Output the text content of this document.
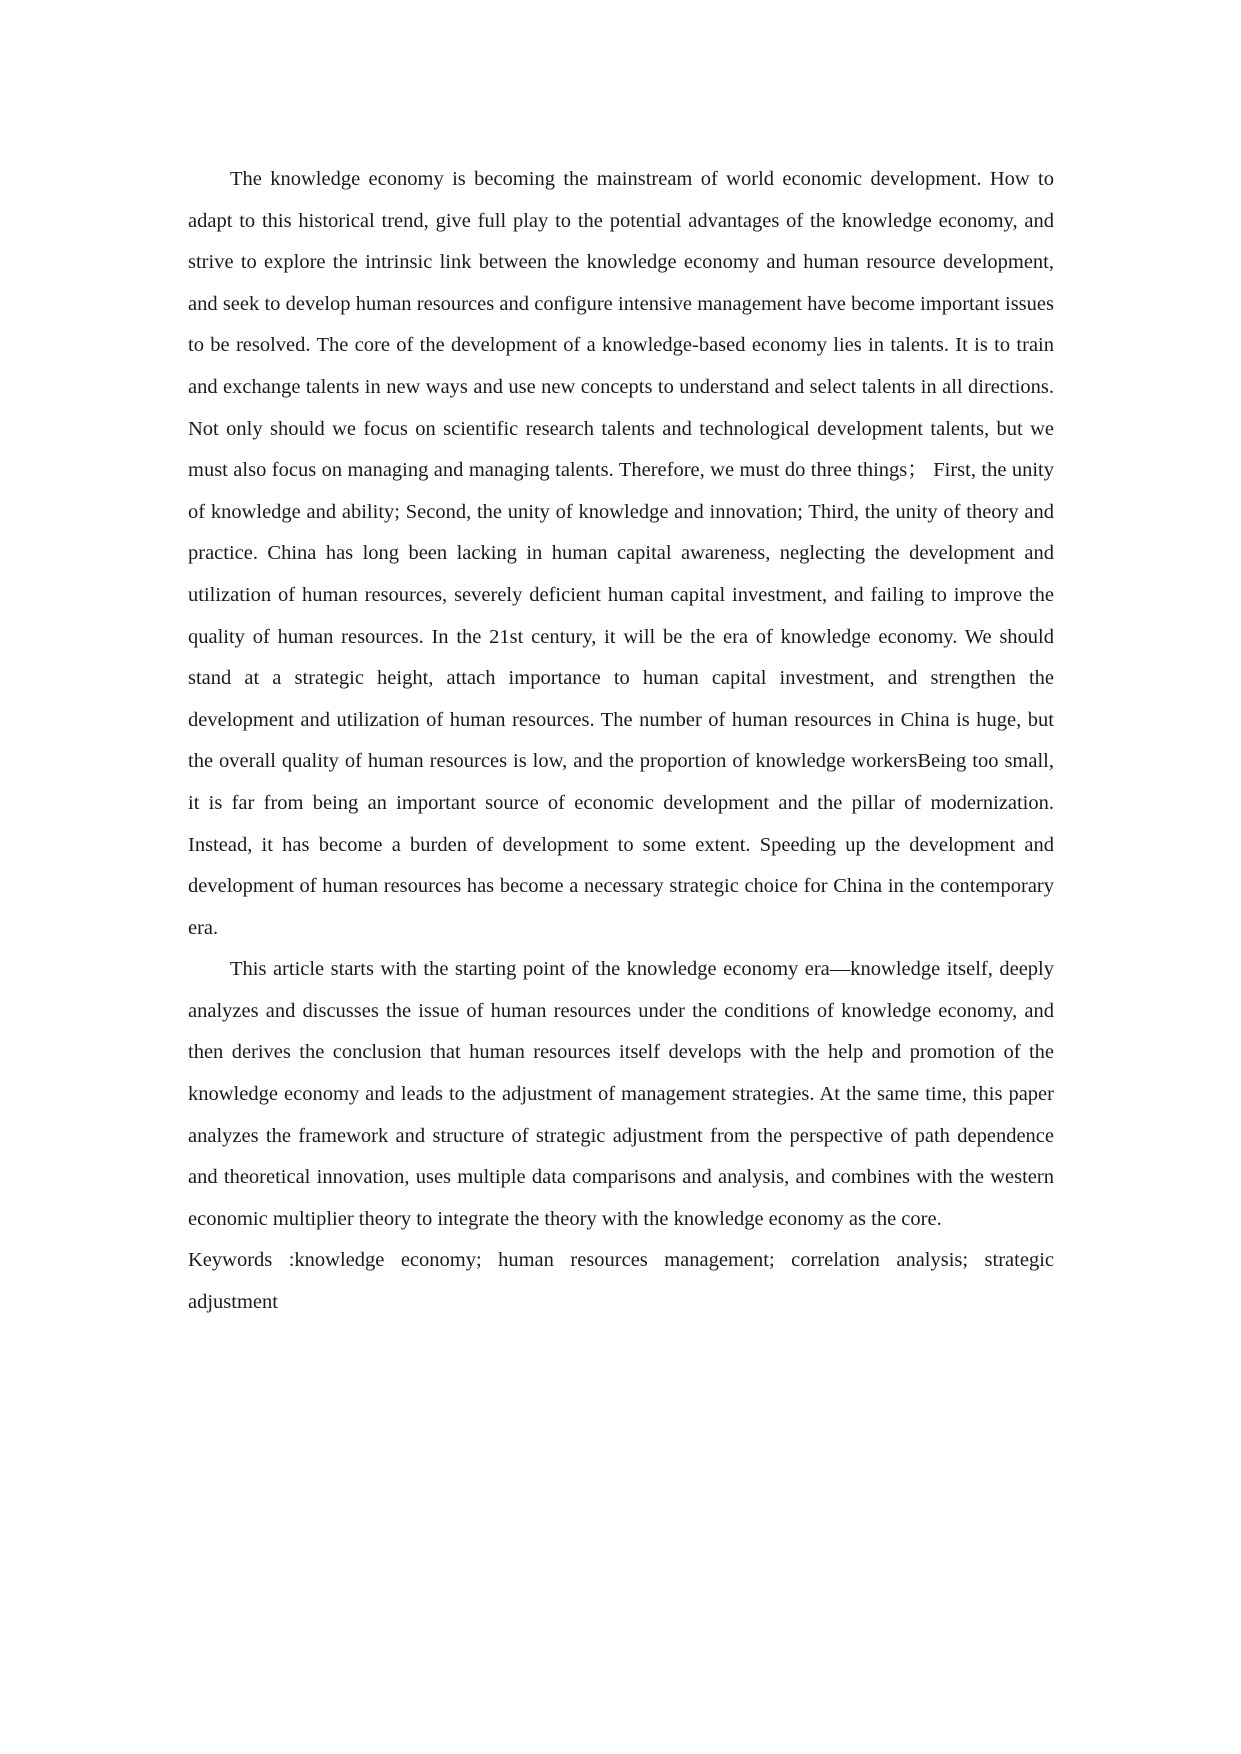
The knowledge economy is becoming the mainstream of world economic development. How to adapt to this historical trend, give full play to the potential advantages of the knowledge economy, and strive to explore the intrinsic link between the knowledge economy and human resource development, and seek to develop human resources and configure intensive management have become important issues to be resolved. The core of the development of a knowledge-based economy lies in talents. It is to train and exchange talents in new ways and use new concepts to understand and select talents in all directions. Not only should we focus on scientific research talents and technological development talents, but we must also focus on managing and managing talents. Therefore, we must do three things； First, the unity of knowledge and ability; Second, the unity of knowledge and innovation; Third, the unity of theory and practice. China has long been lacking in human capital awareness, neglecting the development and utilization of human resources, severely deficient human capital investment, and failing to improve the quality of human resources. In the 21st century, it will be the era of knowledge economy. We should stand at a strategic height, attach importance to human capital investment, and strengthen the development and utilization of human resources. The number of human resources in China is huge, but the overall quality of human resources is low, and the proportion of knowledge workersBeing too small, it is far from being an important source of economic development and the pillar of modernization. Instead, it has become a burden of development to some extent. Speeding up the development and development of human resources has become a necessary strategic choice for China in the contemporary era.

This article starts with the starting point of the knowledge economy era—knowledge itself, deeply analyzes and discusses the issue of human resources under the conditions of knowledge economy, and then derives the conclusion that human resources itself develops with the help and promotion of the knowledge economy and leads to the adjustment of management strategies. At the same time, this paper analyzes the framework and structure of strategic adjustment from the perspective of path dependence and theoretical innovation, uses multiple data comparisons and analysis, and combines with the western economic multiplier theory to integrate the theory with the knowledge economy as the core.

Keywords :knowledge economy; human resources management; correlation analysis; strategic adjustment
